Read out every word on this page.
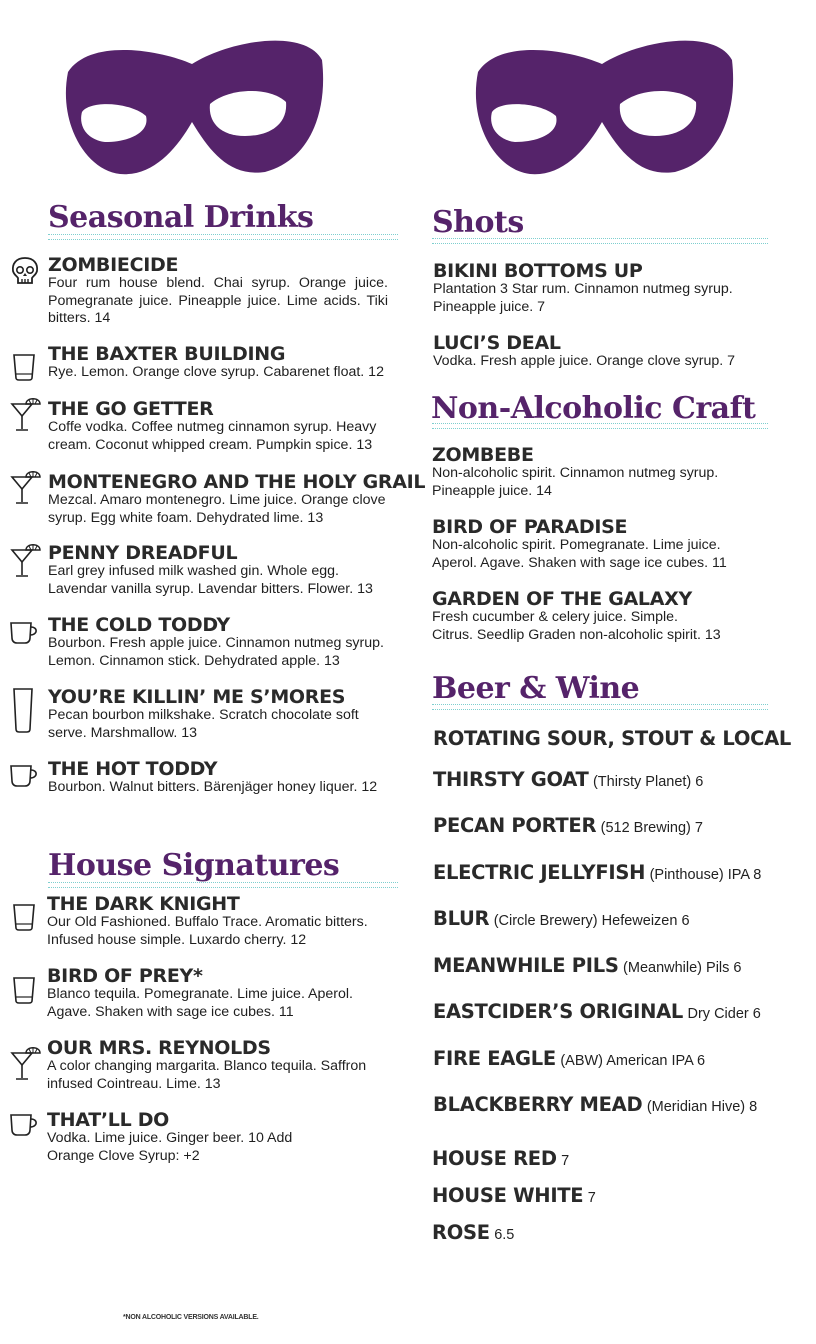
Seasonal Drinks
ZOMBIECIDE
Four rum house blend. Chai syrup. Orange juice. Pomegranate juice. Pineapple juice. Lime acids. Tiki bitters. 14
THE BAXTER BUILDING
Rye. Lemon. Orange clove syrup. Cabarenet float. 12
THE GO GETTER
Coffe vodka. Coffee nutmeg cinnamon syrup. Heavy cream. Coconut whipped cream. Pumpkin spice. 13
MONTENEGRO AND THE HOLY GRAIL
Mezcal. Amaro montenegro. Lime juice. Orange clove syrup. Egg white foam. Dehydrated lime. 13
PENNY DREADFUL
Earl grey infused milk washed gin. Whole egg. Lavendar vanilla syrup. Lavendar bitters. Flower. 13
THE COLD TODDY
Bourbon. Fresh apple juice. Cinnamon nutmeg syrup. Lemon. Cinnamon stick. Dehydrated apple. 13
YOU’RE KILLIN’ ME S’MORES
Pecan bourbon milkshake. Scratch chocolate soft serve. Marshmallow. 13
THE HOT TODDY
Bourbon. Walnut bitters. Bärenjäger honey liquer. 12
House Signatures
THE DARK KNIGHT
Our Old Fashioned. Buffalo Trace. Aromatic bitters. Infused house simple. Luxardo cherry. 12
BIRD OF PREY*
Blanco tequila. Pomegranate. Lime juice. Aperol. Agave. Shaken with sage ice cubes. 11
OUR MRS. REYNOLDS
A color changing margarita. Blanco tequila. Saffron infused Cointreau. Lime. 13
THAT’LL DO
Vodka. Lime juice. Ginger beer. 10 Add Orange Clove Syrup: +2
Shots
BIKINI BOTTOMS UP
Plantation 3 Star rum. Cinnamon nutmeg syrup. Pineapple juice. 7
LUCI’S DEAL
Vodka. Fresh apple juice. Orange clove syrup. 7
Non-Alcoholic Craft
ZOMBEBE
Non-alcoholic spirit. Cinnamon nutmeg syrup. Pineapple juice. 14
BIRD OF PARADISE
Non-alcoholic spirit. Pomegranate. Lime juice. Aperol. Agave. Shaken with sage ice cubes. 11
GARDEN OF THE GALAXY
Fresh cucumber & celery juice. Simple. Citrus. Seedlip Graden non-alcoholic spirit. 13
Beer & Wine
ROTATING SOUR, STOUT & LOCAL
THIRSTY GOAT (Thirsty Planet) 6
PECAN PORTER (512 Brewing) 7
ELECTRIC JELLYFISH (Pinthouse) IPA 8
BLUR (Circle Brewery) Hefeweizen 6
MEANWHILE PILS (Meanwhile) Pils 6
EASTCIDER’S ORIGINAL Dry Cider 6
FIRE EAGLE (ABW) American IPA 6
BLACKBERRY MEAD (Meridian Hive) 8
HOUSE RED 7
HOUSE WHITE 7
ROSE 6.5
*NON ALCOHOLIC VERSIONS AVAILABLE.
